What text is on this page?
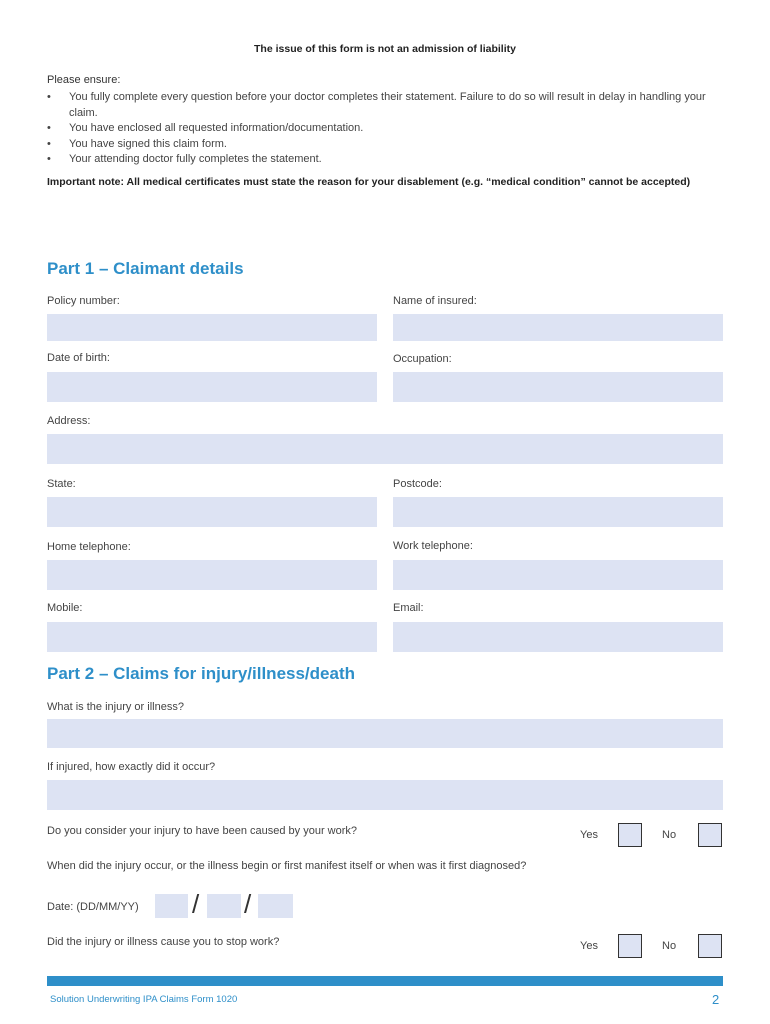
The issue of this form is not an admission of liability
Please ensure:
• You fully complete every question before your doctor completes their statement. Failure to do so will result in delay in handling your claim.
• You have enclosed all requested information/documentation.
• You have signed this claim form.
• Your attending doctor fully completes the statement.
Important note: All medical certificates must state the reason for your disablement (e.g. “medical condition” cannot be accepted)
Part 1 – Claimant details
Policy number:	Name of insured:
Date of birth:	Occupation:
Address:
State:	Postcode:
Home telephone:	Work telephone:
Mobile:	Email:
Part 2 – Claims for injury/illness/death
What is the injury or illness?
If injured, how exactly did it occur?
Do you consider your injury to have been caused by your work?	Yes	No
When did the injury occur, or the illness begin or first manifest itself or when was it first diagnosed?
Date: (DD/MM/YY) / /
Did the injury or illness cause you to stop work?	Yes	No
Solution Underwriting IPA Claims Form 1020	2
